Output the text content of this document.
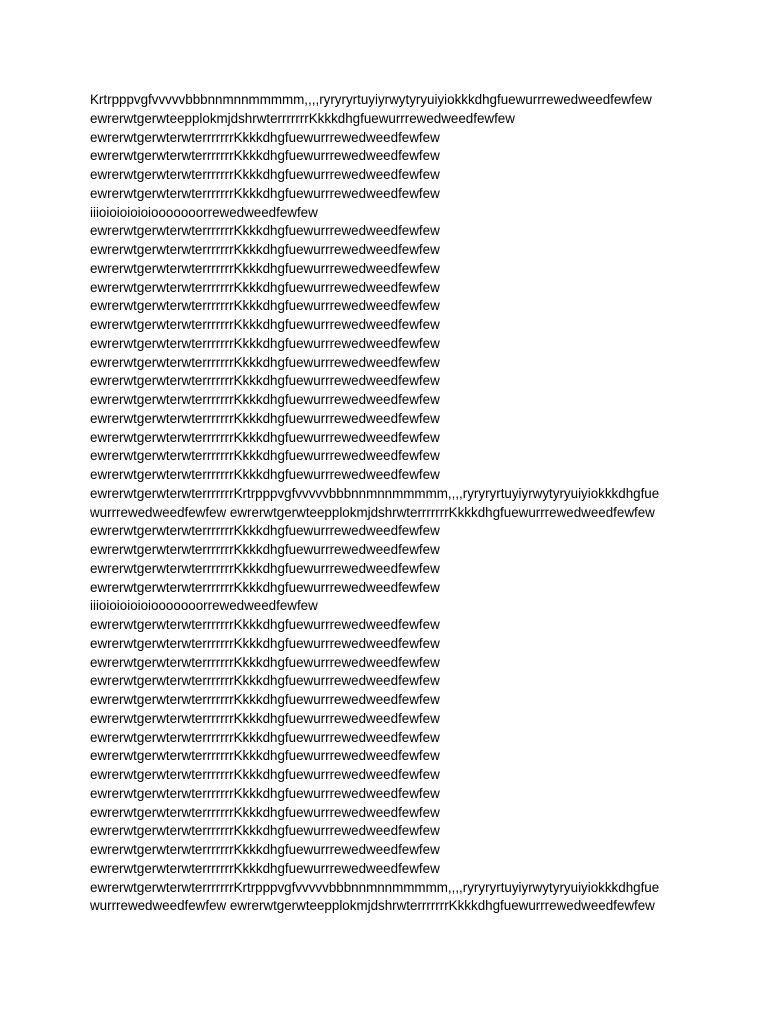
Krtrpppvgfvvvvvbbbnnmnnmmmmm,,,,ryryryrtuyiyrwytyryuiyiokkkdhgfuewurrrewedweedfewfew
ewrerwtgerwteepplokmjdshrwterrrrrrrKkkkdhgfuewurrrewedweedfewfew
ewrerwtgerwterwterrrrrrrKkkkdhgfuewurrrewedweedfewfew
ewrerwtgerwterwterrrrrrrKkkkdhgfuewurrrewedweedfewfew
ewrerwtgerwterwterrrrrrrKkkkdhgfuewurrrewedweedfewfew
ewrerwtgerwterwterrrrrrrKkkkdhgfuewurrrewedweedfewfew
iiioioioioioiooooooorrewedweedfewfew
ewrerwtgerwterwterrrrrrrKkkkdhgfuewurrrewedweedfewfew
ewrerwtgerwterwterrrrrrrKkkkdhgfuewurrrewedweedfewfew
ewrerwtgerwterwterrrrrrrKkkkdhgfuewurrrewedweedfewfew
ewrerwtgerwterwterrrrrrrKkkkdhgfuewurrrewedweedfewfew
ewrerwtgerwterwterrrrrrrKkkkdhgfuewurrrewedweedfewfew
ewrerwtgerwterwterrrrrrrKkkkdhgfuewurrrewedweedfewfew
ewrerwtgerwterwterrrrrrrKkkkdhgfuewurrrewedweedfewfew
ewrerwtgerwterwterrrrrrrKkkkdhgfuewurrrewedweedfewfew
ewrerwtgerwterwterrrrrrrKkkkdhgfuewurrrewedweedfewfew
ewrerwtgerwterwterrrrrrrKkkkdhgfuewurrrewedweedfewfew
ewrerwtgerwterwterrrrrrrKkkkdhgfuewurrrewedweedfewfew
ewrerwtgerwterwterrrrrrrKkkkdhgfuewurrrewedweedfewfew
ewrerwtgerwterwterrrrrrrKkkkdhgfuewurrrewedweedfewfew
ewrerwtgerwterwterrrrrrrKkkkdhgfuewurrrewedweedfewfew
ewrerwtgerwterwterrrrrrrKrtrpppvgfvvvvvbbbnnmnnmmmmm,,,,ryryryrtuyiyrwytyryuiyiokkkdhgfue
wurrrewedweedfewfew ewrerwtgerwteepplokmjdshrwterrrrrrrKkkkdhgfuewurrrewedweedfewfew
ewrerwtgerwterwterrrrrrrKkkkdhgfuewurrrewedweedfewfew
ewrerwtgerwterwterrrrrrrKkkkdhgfuewurrrewedweedfewfew
ewrerwtgerwterwterrrrrrrKkkkdhgfuewurrrewedweedfewfew
ewrerwtgerwterwterrrrrrrKkkkdhgfuewurrrewedweedfewfew
iiioioioioioiooooooorrewedweedfewfew
ewrerwtgerwterwterrrrrrrKkkkdhgfuewurrrewedweedfewfew
ewrerwtgerwterwterrrrrrrKkkkdhgfuewurrrewedweedfewfew
ewrerwtgerwterwterrrrrrrKkkkdhgfuewurrrewedweedfewfew
ewrerwtgerwterwterrrrrrrKkkkdhgfuewurrrewedweedfewfew
ewrerwtgerwterwterrrrrrrKkkkdhgfuewurrrewedweedfewfew
ewrerwtgerwterwterrrrrrrKkkkdhgfuewurrrewedweedfewfew
ewrerwtgerwterwterrrrrrrKkkkdhgfuewurrrewedweedfewfew
ewrerwtgerwterwterrrrrrrKkkkdhgfuewurrrewedweedfewfew
ewrerwtgerwterwterrrrrrrKkkkdhgfuewurrrewedweedfewfew
ewrerwtgerwterwterrrrrrrKkkkdhgfuewurrrewedweedfewfew
ewrerwtgerwterwterrrrrrrKkkkdhgfuewurrrewedweedfewfew
ewrerwtgerwterwterrrrrrrKkkkdhgfuewurrrewedweedfewfew
ewrerwtgerwterwterrrrrrrKkkkdhgfuewurrrewedweedfewfew
ewrerwtgerwterwterrrrrrrKkkkdhgfuewurrrewedweedfewfew
ewrerwtgerwterwterrrrrrrKrtrpppvgfvvvvvbbbnnmnnmmmmm,,,,ryryryrtuyiyrwytyryuiyiokkkdhgfue
wurrrewedweedfewfew ewrerwtgerwteepplokmjdshrwterrrrrrrKkkkdhgfuewurrrewedweedfewfew
